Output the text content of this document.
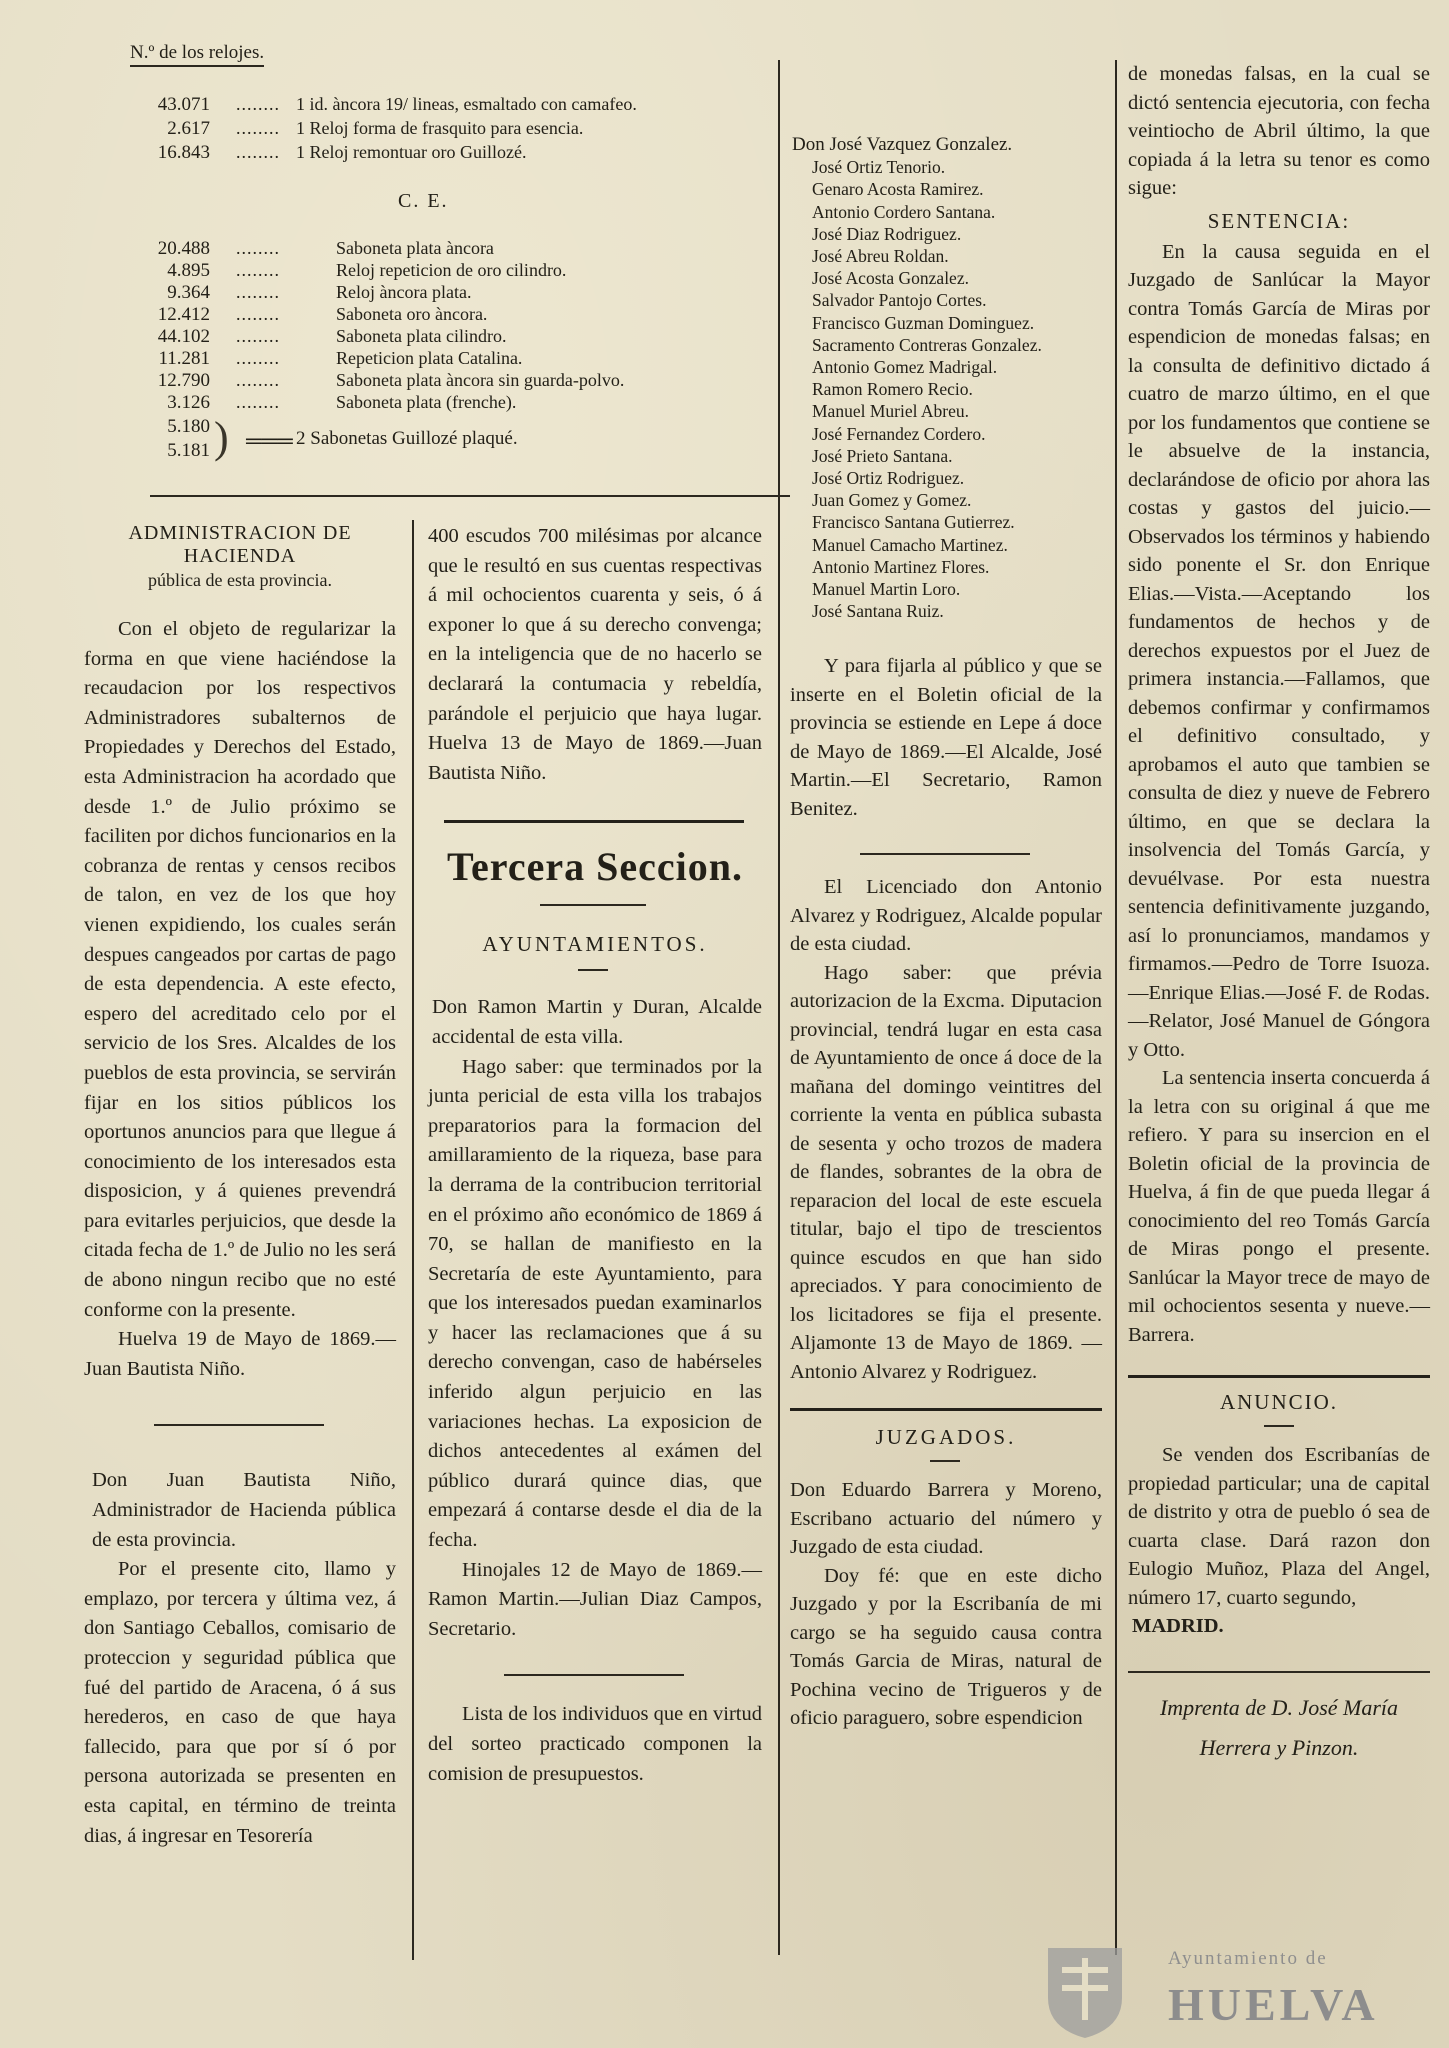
N.º de los relojes.
43.071 ........ 1 id. àncora 19/ lineas, esmaltado con camafeo.
2.617 ........ 1 Reloj forma de frasquito para esencia.
16.843 ........ 1 Reloj remontuar oro Guillozé.
C. E.
20.488 ........	Saboneta plata àncora
4.895 ........	Reloj repeticion de oro cilindro.
9.364 ........	Reloj àncora plata.
12.412 ........	Saboneta oro àncora.
44.102 ........	Saboneta plata cilindro.
11.281 ........	Repeticion plata Catalina.
12.790 ........	Saboneta plata àncora sin guarda-polvo.
3.126 ........	Saboneta plata (frenche).
5.180
5.181 ) ═══ 2 Sabonetas Guillozé plaqué.
ADMINISTRACION DE HACIENDA
pública de esta provincia.

Con el objeto de regularizar la forma en que viene haciéndose la recaudacion por los respectivos Administradores subalternos de Propiedades y Derechos del Estado, esta Administracion ha acordado que desde 1.º de Julio próximo se faciliten por dichos funcionarios en la cobranza de rentas y censos recibos de talon, en vez de los que hoy vienen expidiendo, los cuales serán despues cangeados por cartas de pago de esta dependencia. A este efecto, espero del acreditado celo por el servicio de los Sres. Alcaldes de los pueblos de esta provincia, se servirán fijar en los sitios públicos los oportunos anuncios para que llegue á conocimiento de los interesados esta disposicion, y á quienes prevendrá para evitarles perjuicios, que desde la citada fecha de 1.º de Julio no les será de abono ningun recibo que no esté conforme con la presente.

Huelva 19 de Mayo de 1869.—Juan Bautista Niño.

Don Juan Bautista Niño, Administrador de Hacienda pública de esta provincia.

Por el presente cito, llamo y emplazo, por tercera y última vez, á don Santiago Ceballos, comisario de proteccion y seguridad pública que fué del partido de Aracena, ó á sus herederos, en caso de que haya fallecido, para que por sí ó por persona autorizada se presenten en esta capital, en término de treinta dias, á ingresar en Tesorería

400 escudos 700 milésimas por alcance que le resultó en sus cuentas respectivas á mil ochocientos cuarenta y seis, ó á exponer lo que á su derecho convenga; en la inteligencia que de no hacerlo se declarará la contumacia y rebeldía, parándole el perjuicio que haya lugar. Huelva 13 de Mayo de 1869.—Juan Bautista Niño.

Tercera Seccion.
AYUNTAMIENTOS.

Don Ramon Martin y Duran, Alcalde accidental de esta villa.

Hago saber: que terminados por la junta pericial de esta villa los trabajos preparatorios para la formacion del amillaramiento de la riqueza, base para la derrama de la contribucion territorial en el próximo año económico de 1869 á 70, se hallan de manifiesto en la Secretaría de este Ayuntamiento, para que los interesados puedan examinarlos y hacer las reclamaciones que á su derecho convengan, caso de habérseles inferido algun perjuicio en las variaciones hechas. La exposicion de dichos antecedentes al exámen del público durará quince dias, que empezará á contarse desde el dia de la fecha.

Hinojales 12 de Mayo de 1869.—Ramon Martin.—Julian Diaz Campos, Secretario.

Lista de los individuos que en virtud del sorteo practicado componen la comision de presupuestos.

Don José Vazquez Gonzalez.
José Ortiz Tenorio.
Genaro Acosta Ramirez.
Antonio Cordero Santana.
José Diaz Rodriguez.
José Abreu Roldan.
José Acosta Gonzalez.
Salvador Pantojo Cortes.
Francisco Guzman Dominguez.
Sacramento Contreras Gonzalez.
Antonio Gomez Madrigal.
Ramon Romero Recio.
Manuel Muriel Abreu.
José Fernandez Cordero.
José Prieto Santana.
José Ortiz Rodriguez.
Juan Gomez y Gomez.
Francisco Santana Gutierrez.
Manuel Camacho Martinez.
Antonio Martinez Flores.
Manuel Martin Loro.
José Santana Ruiz.

Y para fijarla al público y que se inserte en el Boletin oficial de la provincia se estiende en Lepe á doce de Mayo de 1869.—El Alcalde, José Martin.—El Secretario, Ramon Benitez.

El Licenciado don Antonio Alvarez y Rodriguez, Alcalde popular de esta ciudad.

Hago saber: que prévia autorizacion de la Excma. Diputacion provincial, tendrá lugar en esta casa de Ayuntamiento de once á doce de la mañana del domingo veintitres del corriente la venta en pública subasta de sesenta y ocho trozos de madera de flandes, sobrantes de la obra de reparacion del local de este escuela titular, bajo el tipo de trescientos quince escudos en que han sido apreciados. Y para conocimiento de los licitadores se fija el presente. Aljamonte 13 de Mayo de 1869. —Antonio Alvarez y Rodriguez.

JUZGADOS.

Don Eduardo Barrera y Moreno, Escribano actuario del número y Juzgado de esta ciudad.

Doy fé: que en este dicho Juzgado y por la Escribanía de mi cargo se ha seguido causa contra Tomás Garcia de Miras, natural de Pochina vecino de Trigueros y de oficio paraguero, sobre espendicion

de monedas falsas, en la cual se dictó sentencia ejecutoria, con fecha veintiocho de Abril último, la que copiada á la letra su tenor es como sigue:

SENTENCIA:

En la causa seguida en el Juzgado de Sanlúcar la Mayor contra Tomás García de Miras por espendicion de monedas falsas; en la consulta de definitivo dictado á cuatro de marzo último, en el que por los fundamentos que contiene se le absuelve de la instancia, declarándose de oficio por ahora las costas y gastos del juicio.—Observados los términos y habiendo sido ponente el Sr. don Enrique Elias.—Vista.—Aceptando los fundamentos de hechos y de derechos expuestos por el Juez de primera instancia.—Fallamos, que debemos confirmar y confirmamos el definitivo consultado, y aprobamos el auto que tambien se consulta de diez y nueve de Febrero último, en que se declara la insolvencia del Tomás García, y devuélvase. Por esta nuestra sentencia definitivamente juzgando, así lo pronunciamos, mandamos y firmamos.—Pedro de Torre Isuoza.—Enrique Elias.—José F. de Rodas.—Relator, José Manuel de Góngora y Otto.

La sentencia inserta concuerda á la letra con su original á que me refiero. Y para su insercion en el Boletin oficial de la provincia de Huelva, á fin de que pueda llegar á conocimiento del reo Tomás García de Miras pongo el presente. Sanlúcar la Mayor trece de mayo de mil ochocientos sesenta y nueve.—Barrera.

ANUNCIO.

Se venden dos Escribanías de propiedad particular; una de capital de distrito y otra de pueblo ó sea de cuarta clase. Dará razon don Eulogio Muñoz, Plaza del Angel, número 17, cuarto segundo,

MADRID.
Imprenta de D. José María
Herrera y Pinzon.
Ayuntamiento de
HUELVA
